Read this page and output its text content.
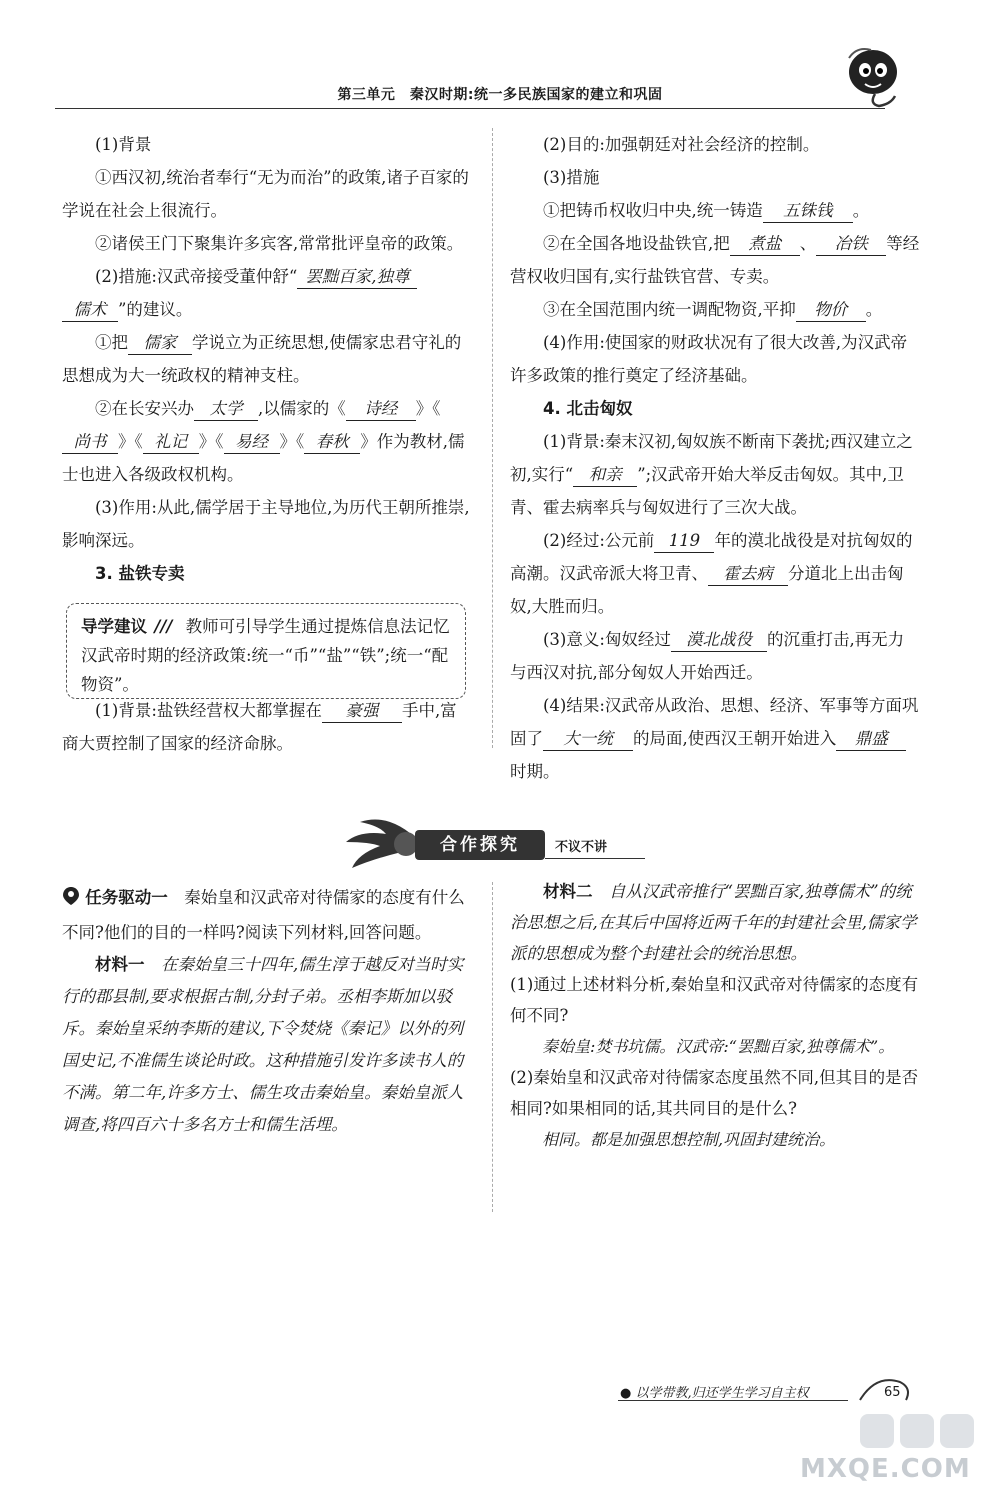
第三单元　秦汉时期:统一多民族国家的建立和巩固

(1)背景

①西汉初,统治者奉行“无为而治”的政策,诸子百家的学说在社会上很流行。

②诸侯王门下聚集许多宾客,常常批评皇帝的政策。

(2)措施:汉武帝接受董仲舒“ 罢黜百家,独尊儒术 ”的建议。

①把 儒家 学说立为正统思想,使儒家忠君守礼的思想成为大一统政权的精神支柱。

②在长安兴办 太学 ,以儒家的《 诗经 》《尚书 》《 礼记 》《 易经 》《 春秋 》作为教材,儒士也进入各级政权机构。

(3)作用:从此,儒学居于主导地位,为历代王朝所推崇,影响深远。

3. 盐铁专卖

导学建议 /// 教师可引导学生通过提炼信息法记忆汉武帝时期的经济政策:统一“币”“盐”“铁”;统一“配物资”。

(1)背景:盐铁经营权大都掌握在 豪强 手中,富商大贾控制了国家的经济命脉。

(2)目的:加强朝廷对社会经济的控制。

(3)措施

①把铸币权收归中央,统一铸造 五铢钱 。

②在全国各地设盐铁官,把 煮盐 、 冶铁 等经营权收归国有,实行盐铁官营、专卖。

③在全国范围内统一调配物资,平抑 物价 。

(4)作用:使国家的财政状况有了很大改善,为汉武帝许多政策的推行奠定了经济基础。

4. 北击匈奴

(1)背景:秦末汉初,匈奴族不断南下袭扰;西汉建立之初,实行“ 和亲 ”;汉武帝开始大举反击匈奴。其中,卫青、霍去病率兵与匈奴进行了三次大战。

(2)经过:公元前 119 年的漠北战役是对抗匈奴的高潮。汉武帝派大将卫青、 霍去病 分道北上出击匈奴,大胜而归。

(3)意义:匈奴经过 漠北战役 的沉重打击,再无力与西汉对抗,部分匈奴人开始西迁。

(4)结果:汉武帝从政治、思想、经济、军事等方面巩固了 大一统 的局面,使西汉王朝开始进入 鼎盛时期。

合作探究	不议不讲

任务驱动一　 秦始皇和汉武帝对待儒家的态度有什么不同?他们的目的一样吗?阅读下列材料,回答问题。

材料一　 在秦始皇三十四年,儒生淳于越反对当时实行的郡县制,要求根据古制,分封子弟。丞相李斯加以驳斥。秦始皇采纳李斯的建议,下令焚烧《秦记》以外的列国史记,不准儒生谈论时政。这种措施引发许多读书人的不满。第二年,许多方士、儒生攻击秦始皇。秦始皇派人调查,将四百六十多名方士和儒生活埋。

材料二　 自从汉武帝推行“罢黜百家,独尊儒术”的统治思想之后,在其后中国将近两千年的封建社会里,儒家学派的思想成为整个封建社会的统治思想。

(1)通过上述材料分析,秦始皇和汉武帝对待儒家的态度有何不同?

秦始皇:焚书坑儒。汉武帝:“罢黜百家,独尊儒术”。

(2)秦始皇和汉武帝对待儒家态度虽然不同,但其目的是否相同?如果相同的话,其共同目的是什么?

相同。都是加强思想控制,巩固封建统治。

● 以学带教,归还学生学习自主权	65
MXQE.COM
